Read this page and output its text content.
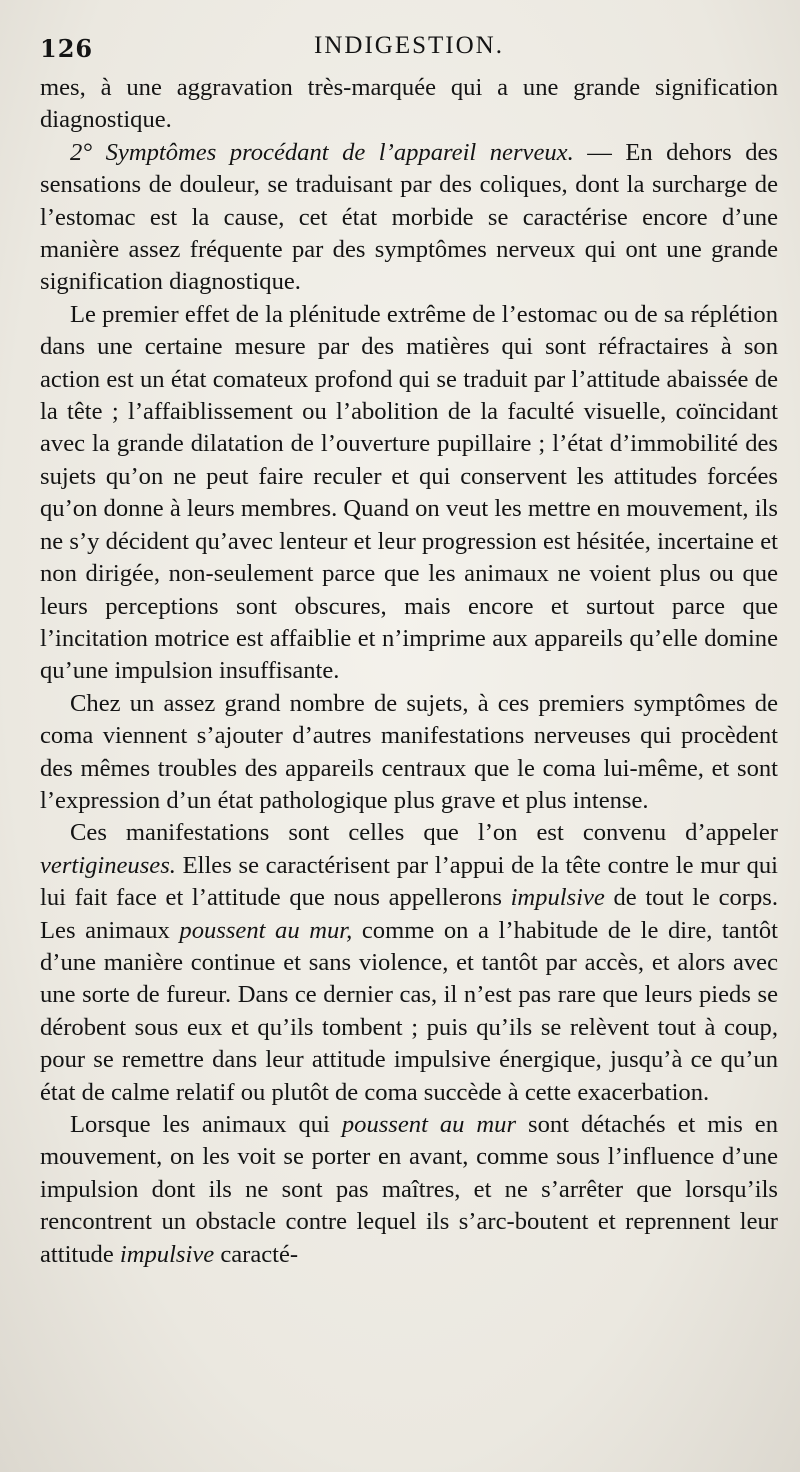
126	INDIGESTION.

mes, à une aggravation très-marquée qui a une grande signification diagnostique.

2° Symptômes procédant de l’appareil nerveux. — En dehors des sensations de douleur, se traduisant par des coliques, dont la surcharge de l’estomac est la cause, cet état morbide se caractérise encore d’une manière assez fréquente par des symptômes nerveux qui ont une grande signification diagnostique.

Le premier effet de la plénitude extrême de l’estomac ou de sa réplétion dans une certaine mesure par des matières qui sont réfractaires à son action est un état comateux profond qui se traduit par l’attitude abaissée de la tête ; l’affaiblissement ou l’abolition de la faculté visuelle, coïncidant avec la grande dilatation de l’ouverture pupillaire ; l’état d’immobilité des sujets qu’on ne peut faire reculer et qui conservent les attitudes forcées qu’on donne à leurs membres. Quand on veut les mettre en mouvement, ils ne s’y décident qu’avec lenteur et leur progression est hésitée, incertaine et non dirigée, non-seulement parce que les animaux ne voient plus ou que leurs perceptions sont obscures, mais encore et surtout parce que l’incitation motrice est affaiblie et n’imprime aux appareils qu’elle domine qu’une impulsion insuffisante.

Chez un assez grand nombre de sujets, à ces premiers symptômes de coma viennent s’ajouter d’autres manifestations nerveuses qui procèdent des mêmes troubles des appareils centraux que le coma lui-même, et sont l’expression d’un état pathologique plus grave et plus intense.

Ces manifestations sont celles que l’on est convenu d’appeler vertigineuses. Elles se caractérisent par l’appui de la tête contre le mur qui lui fait face et l’attitude que nous appellerons impulsive de tout le corps. Les animaux poussent au mur, comme on a l’habitude de le dire, tantôt d’une manière continue et sans violence, et tantôt par accès, et alors avec une sorte de fureur. Dans ce dernier cas, il n’est pas rare que leurs pieds se dérobent sous eux et qu’ils tombent ; puis qu’ils se relèvent tout à coup, pour se remettre dans leur attitude impulsive énergique, jusqu’à ce qu’un état de calme relatif ou plutôt de coma succède à cette exacerbation.

Lorsque les animaux qui poussent au mur sont détachés et mis en mouvement, on les voit se porter en avant, comme sous l’influence d’une impulsion dont ils ne sont pas maîtres, et ne s’arrêter que lorsqu’ils rencontrent un obstacle contre lequel ils s’arc-boutent et reprennent leur attitude impulsive caracté-
